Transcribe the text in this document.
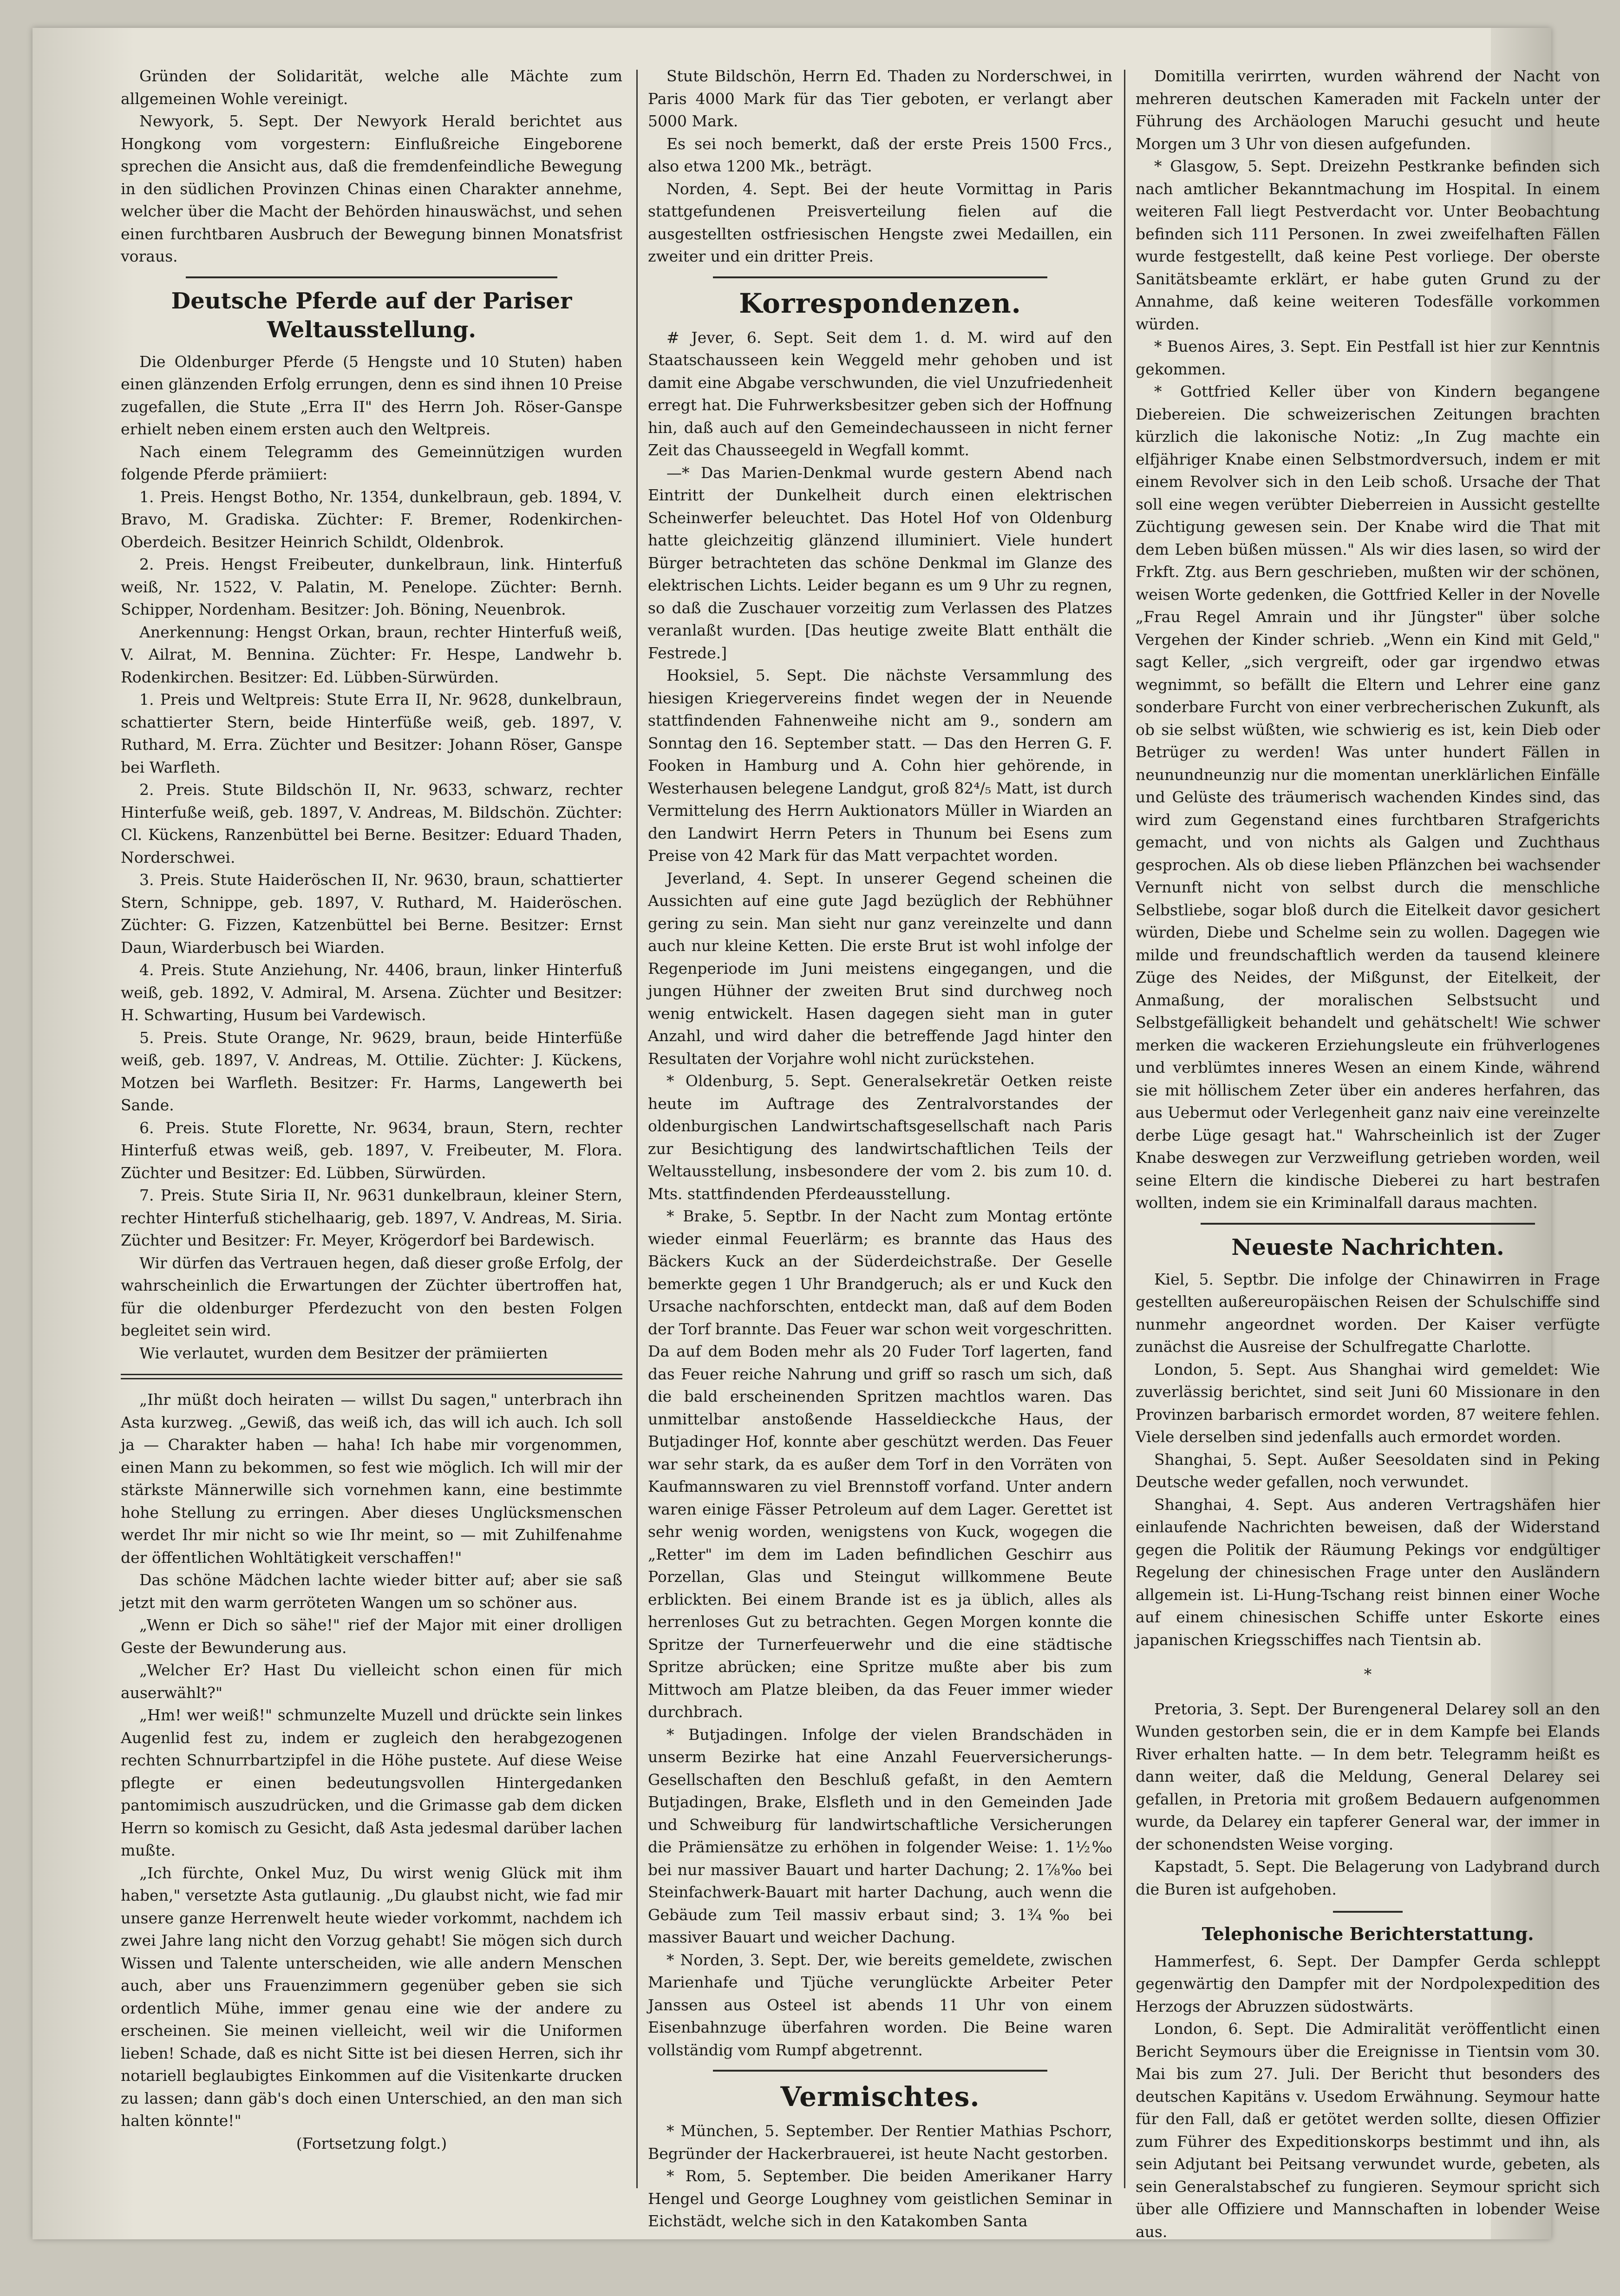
Gründen der Solidarität, welche alle Mächte zum allgemeinen Wohle vereinigt.

Newyork, 5. Sept. Der Newyork Herald berichtet aus Hongkong vom vorgestern: Einflußreiche Eingeborene sprechen die Ansicht aus, daß die fremdenfeindliche Bewegung in den südlichen Provinzen Chinas einen Charakter annehme, welcher über die Macht der Behörden hinauswächst, und sehen einen furchtbaren Ausbruch der Bewegung binnen Monatsfrist voraus.

Deutsche Pferde auf der Pariser Weltausstellung.

Die Oldenburger Pferde (5 Hengste und 10 Stuten) haben einen glänzenden Erfolg errungen, denn es sind ihnen 10 Preise zugefallen, die Stute „Erra II" des Herrn Joh. Röser-Ganspe erhielt neben einem ersten auch den Weltpreis.

Nach einem Telegramm des Gemeinnützigen wurden folgende Pferde prämiiert:

1. Preis. Hengst Botho, Nr. 1354, dunkelbraun, geb. 1894, V. Bravo, M. Gradiska. Züchter: F. Bremer, Rodenkirchen-Oberdeich. Besitzer Heinrich Schildt, Oldenbrok.

2. Preis. Hengst Freibeuter, dunkelbraun, link. Hinterfuß weiß, Nr. 1522, V. Palatin, M. Penelope. Züchter: Bernh. Schipper, Nordenham. Besitzer: Joh. Böning, Neuenbrok.

Anerkennung: Hengst Orkan, braun, rechter Hinterfuß weiß, V. Ailrat, M. Bennina. Züchter: Fr. Hespe, Landwehr b. Rodenkirchen. Besitzer: Ed. Lübben-Sürwürden.

1. Preis und Weltpreis: Stute Erra II, Nr. 9628, dunkelbraun, schattierter Stern, beide Hinterfüße weiß, geb. 1897, V. Ruthard, M. Erra. Züchter und Besitzer: Johann Röser, Ganspe bei Warfleth.

2. Preis. Stute Bildschön II, Nr. 9633, schwarz, rechter Hinterfuße weiß, geb. 1897, V. Andreas, M. Bildschön. Züchter: Cl. Kückens, Ranzenbüttel bei Berne. Besitzer: Eduard Thaden, Norderschwei.

3. Preis. Stute Haideröschen II, Nr. 9630, braun, schattierter Stern, Schnippe, geb. 1897, V. Ruthard, M. Haideröschen. Züchter: G. Fizzen, Katzenbüttel bei Berne. Besitzer: Ernst Daun, Wiarderbusch bei Wiarden.

4. Preis. Stute Anziehung, Nr. 4406, braun, linker Hinterfuß weiß, geb. 1892, V. Admiral, M. Arsena. Züchter und Besitzer: H. Schwarting, Husum bei Vardewisch.

5. Preis. Stute Orange, Nr. 9629, braun, beide Hinterfüße weiß, geb. 1897, V. Andreas, M. Ottilie. Züchter: J. Kückens, Motzen bei Warfleth. Besitzer: Fr. Harms, Langewerth bei Sande.

6. Preis. Stute Florette, Nr. 9634, braun, Stern, rechter Hinterfuß etwas weiß, geb. 1897, V. Freibeuter, M. Flora. Züchter und Besitzer: Ed. Lübben, Sürwürden.

7. Preis. Stute Siria II, Nr. 9631 dunkelbraun, kleiner Stern, rechter Hinterfuß stichelhaarig, geb. 1897, V. Andreas, M. Siria. Züchter und Besitzer: Fr. Meyer, Krögerdorf bei Bardewisch.

Wir dürfen das Vertrauen hegen, daß dieser große Erfolg, der wahrscheinlich die Erwartungen der Züchter übertroffen hat, für die oldenburger Pferdezucht von den besten Folgen begleitet sein wird.

Wie verlautet, wurden dem Besitzer der prämiierten

„Ihr müßt doch heiraten — willst Du sagen," unterbrach ihn Asta kurzweg. „Gewiß, das weiß ich, das will ich auch. Ich soll ja — Charakter haben — haha! Ich habe mir vorgenommen, einen Mann zu bekommen, so fest wie möglich. Ich will mir der stärkste Männerwille sich vornehmen kann, eine bestimmte hohe Stellung zu erringen. Aber dieses Unglücksmenschen werdet Ihr mir nicht so wie Ihr meint, so — mit Zuhilfenahme der öffentlichen Wohltätigkeit verschaffen!"

Das schöne Mädchen lachte wieder bitter auf; aber sie saß jetzt mit den warm gerröteten Wangen um so schöner aus.

„Wenn er Dich so sähe!" rief der Major mit einer drolligen Geste der Bewunderung aus.

„Welcher Er? Hast Du vielleicht schon einen für mich auserwählt?"

„Hm! wer weiß!" schmunzelte Muzell und drückte sein linkes Augenlid fest zu, indem er zugleich den herabgezogenen rechten Schnurrbartzipfel in die Höhe pustete. Auf diese Weise pflegte er einen bedeutungsvollen Hintergedanken pantomimisch auszudrücken, und die Grimasse gab dem dicken Herrn so komisch zu Gesicht, daß Asta jedesmal darüber lachen mußte.

„Ich fürchte, Onkel Muz, Du wirst wenig Glück mit ihm haben," versetzte Asta gutlaunig. „Du glaubst nicht, wie fad mir unsere ganze Herrenwelt heute wieder vorkommt, nachdem ich zwei Jahre lang nicht den Vorzug gehabt! Sie mögen sich durch Wissen und Talente unterscheiden, wie alle andern Menschen auch, aber uns Frauenzimmern gegenüber geben sie sich ordentlich Mühe, immer genau eine wie der andere zu erscheinen. Sie meinen vielleicht, weil wir die Uniformen lieben! Schade, daß es nicht Sitte ist bei diesen Herren, sich ihr notariell beglaubigtes Einkommen auf die Visitenkarte drucken zu lassen; dann gäb's doch einen Unterschied, an den man sich halten könnte!"

(Fortsetzung folgt.)

Stute Bildschön, Herrn Ed. Thaden zu Norderschwei, in Paris 4000 Mark für das Tier geboten, er verlangt aber 5000 Mark.

Es sei noch bemerkt, daß der erste Preis 1500 Frcs., also etwa 1200 Mk., beträgt.

Norden, 4. Sept. Bei der heute Vormittag in Paris stattgefundenen Preisverteilung fielen auf die ausgestellten ostfriesischen Hengste zwei Medaillen, ein zweiter und ein dritter Preis.

Korrespondenzen.

# Jever, 6. Sept. Seit dem 1. d. M. wird auf den Staatschausseen kein Weggeld mehr gehoben und ist damit eine Abgabe verschwunden, die viel Unzufriedenheit erregt hat. Die Fuhrwerksbesitzer geben sich der Hoffnung hin, daß auch auf den Gemeindechausseen in nicht ferner Zeit das Chausseegeld in Wegfall kommt.

—* Das Marien-Denkmal wurde gestern Abend nach Eintritt der Dunkelheit durch einen elektrischen Scheinwerfer beleuchtet. Das Hotel Hof von Oldenburg hatte gleichzeitig glänzend illuminiert. Viele hundert Bürger betrachteten das schöne Denkmal im Glanze des elektrischen Lichts. Leider begann es um 9 Uhr zu regnen, so daß die Zuschauer vorzeitig zum Verlassen des Platzes veranlaßt wurden. [Das heutige zweite Blatt enthält die Festrede.]

Hooksiel, 5. Sept. Die nächste Versammlung des hiesigen Kriegervereins findet wegen der in Neuende stattfindenden Fahnenweihe nicht am 9., sondern am Sonntag den 16. September statt. — Das den Herren G. F. Fooken in Hamburg und A. Cohn hier gehörende, in Westerhausen belegene Landgut, groß 82⁴/₅ Matt, ist durch Vermittelung des Herrn Auktionators Müller in Wiarden an den Landwirt Herrn Peters in Thunum bei Esens zum Preise von 42 Mark für das Matt verpachtet worden.

Jeverland, 4. Sept. In unserer Gegend scheinen die Aussichten auf eine gute Jagd bezüglich der Rebhühner gering zu sein. Man sieht nur ganz vereinzelte und dann auch nur kleine Ketten. Die erste Brut ist wohl infolge der Regenperiode im Juni meistens eingegangen, und die jungen Hühner der zweiten Brut sind durchweg noch wenig entwickelt. Hasen dagegen sieht man in guter Anzahl, und wird daher die betreffende Jagd hinter den Resultaten der Vorjahre wohl nicht zurückstehen.

* Oldenburg, 5. Sept. Generalsekretär Oetken reiste heute im Auftrage des Zentralvorstandes der oldenburgischen Landwirtschaftsgesellschaft nach Paris zur Besichtigung des landwirtschaftlichen Teils der Weltausstellung, insbesondere der vom 2. bis zum 10. d. Mts. stattfindenden Pferdeausstellung.

* Brake, 5. Septbr. In der Nacht zum Montag ertönte wieder einmal Feuerlärm; es brannte das Haus des Bäckers Kuck an der Süderdeichstraße. Der Geselle bemerkte gegen 1 Uhr Brandgeruch; als er und Kuck den Ursache nachforschten, entdeckt man, daß auf dem Boden der Torf brannte. Das Feuer war schon weit vorgeschritten. Da auf dem Boden mehr als 20 Fuder Torf lagerten, fand das Feuer reiche Nahrung und griff so rasch um sich, daß die bald erscheinenden Spritzen machtlos waren. Das unmittelbar anstoßende Hasseldieckche Haus, der Butjadinger Hof, konnte aber geschützt werden. Das Feuer war sehr stark, da es außer dem Torf in den Vorräten von Kaufmannswaren zu viel Brennstoff vorfand. Unter andern waren einige Fässer Petroleum auf dem Lager. Gerettet ist sehr wenig worden, wenigstens von Kuck, wogegen die „Retter" im dem im Laden befindlichen Geschirr aus Porzellan, Glas und Steingut willkommene Beute erblickten. Bei einem Brande ist es ja üblich, alles als herrenloses Gut zu betrachten. Gegen Morgen konnte die Spritze der Turnerfeuerwehr und die eine städtische Spritze abrücken; eine Spritze mußte aber bis zum Mittwoch am Platze bleiben, da das Feuer immer wieder durchbrach.

* Butjadingen. Infolge der vielen Brandschäden in unserm Bezirke hat eine Anzahl Feuerversicherungs-Gesellschaften den Beschluß gefaßt, in den Aemtern Butjadingen, Brake, Elsfleth und in den Gemeinden Jade und Schweiburg für landwirtschaftliche Versicherungen die Prämiensätze zu erhöhen in folgender Weise: 1. 1½‰ bei nur massiver Bauart und harter Dachung; 2. 1⅞‰ bei Steinfachwerk-Bauart mit harter Dachung, auch wenn die Gebäude zum Teil massiv erbaut sind; 3. 1¾‰ bei massiver Bauart und weicher Dachung.

* Norden, 3. Sept. Der, wie bereits gemeldete, zwischen Marienhafe und Tjüche verunglückte Arbeiter Peter Janssen aus Osteel ist abends 11 Uhr von einem Eisenbahnzuge überfahren worden. Die Beine waren vollständig vom Rumpf abgetrennt.

Vermischtes.

* München, 5. September. Der Rentier Mathias Pschorr, Begründer der Hackerbrauerei, ist heute Nacht gestorben.

* Rom, 5. September. Die beiden Amerikaner Harry Hengel und George Loughney vom geistlichen Seminar in Eichstädt, welche sich in den Katakomben Santa

Domitilla verirrten, wurden während der Nacht von mehreren deutschen Kameraden mit Fackeln unter der Führung des Archäologen Maruchi gesucht und heute Morgen um 3 Uhr von diesen aufgefunden.

* Glasgow, 5. Sept. Dreizehn Pestkranke befinden sich nach amtlicher Bekanntmachung im Hospital. In einem weiteren Fall liegt Pestverdacht vor. Unter Beobachtung befinden sich 111 Personen. In zwei zweifelhaften Fällen wurde festgestellt, daß keine Pest vorliege. Der oberste Sanitätsbeamte erklärt, er habe guten Grund zu der Annahme, daß keine weiteren Todesfälle vorkommen würden.

* Buenos Aires, 3. Sept. Ein Pestfall ist hier zur Kenntnis gekommen.

* Gottfried Keller über von Kindern begangene Diebereien. Die schweizerischen Zeitungen brachten kürzlich die lakonische Notiz: „In Zug machte ein elfjähriger Knabe einen Selbstmordversuch, indem er mit einem Revolver sich in den Leib schoß. Ursache der That soll eine wegen verübter Dieberreien in Aussicht gestellte Züchtigung gewesen sein. Der Knabe wird die That mit dem Leben büßen müssen." Als wir dies lasen, so wird der Frkft. Ztg. aus Bern geschrieben, mußten wir der schönen, weisen Worte gedenken, die Gottfried Keller in der Novelle „Frau Regel Amrain und ihr Jüngster" über solche Vergehen der Kinder schrieb. „Wenn ein Kind mit Geld," sagt Keller, „sich vergreift, oder gar irgendwo etwas wegnimmt, so befällt die Eltern und Lehrer eine ganz sonderbare Furcht von einer verbrecherischen Zukunft, als ob sie selbst wüßten, wie schwierig es ist, kein Dieb oder Betrüger zu werden! Was unter hundert Fällen in neunundneunzig nur die momentan unerklärlichen Einfälle und Gelüste des träumerisch wachenden Kindes sind, das wird zum Gegenstand eines furchtbaren Strafgerichts gemacht, und von nichts als Galgen und Zuchthaus gesprochen. Als ob diese lieben Pflänzchen bei wachsender Vernunft nicht von selbst durch die menschliche Selbstliebe, sogar bloß durch die Eitelkeit davor gesichert würden, Diebe und Schelme sein zu wollen. Dagegen wie milde und freundschaftlich werden da tausend kleinere Züge des Neides, der Mißgunst, der Eitelkeit, der Anmaßung, der moralischen Selbstsucht und Selbstgefälligkeit behandelt und gehätschelt! Wie schwer merken die wackeren Erziehungsleute ein frühverlogenes und verblümtes inneres Wesen an einem Kinde, während sie mit höllischem Zeter über ein anderes herfahren, das aus Uebermut oder Verlegenheit ganz naiv eine vereinzelte derbe Lüge gesagt hat." Wahrscheinlich ist der Zuger Knabe deswegen zur Verzweiflung getrieben worden, weil seine Eltern die kindische Dieberei zu hart bestrafen wollten, indem sie ein Kriminalfall daraus machten.

Neueste Nachrichten.

Kiel, 5. Septbr. Die infolge der Chinawirren in Frage gestellten außereuropäischen Reisen der Schulschiffe sind nunmehr angeordnet worden. Der Kaiser verfügte zunächst die Ausreise der Schulfregatte Charlotte.

London, 5. Sept. Aus Shanghai wird gemeldet: Wie zuverlässig berichtet, sind seit Juni 60 Missionare in den Provinzen barbarisch ermordet worden, 87 weitere fehlen. Viele derselben sind jedenfalls auch ermordet worden.

Shanghai, 5. Sept. Außer Seesoldaten sind in Peking Deutsche weder gefallen, noch verwundet.

Shanghai, 4. Sept. Aus anderen Vertragshäfen hier einlaufende Nachrichten beweisen, daß der Widerstand gegen die Politik der Räumung Pekings vor endgültiger Regelung der chinesischen Frage unter den Ausländern allgemein ist. Li-Hung-Tschang reist binnen einer Woche auf einem chinesischen Schiffe unter Eskorte eines japanischen Kriegsschiffes nach Tientsin ab.

*

Pretoria, 3. Sept. Der Burengeneral Delarey soll an den Wunden gestorben sein, die er in dem Kampfe bei Elands River erhalten hatte. — In dem betr. Telegramm heißt es dann weiter, daß die Meldung, General Delarey sei gefallen, in Pretoria mit großem Bedauern aufgenommen wurde, da Delarey ein tapferer General war, der immer in der schonendsten Weise vorging.

Kapstadt, 5. Sept. Die Belagerung von Ladybrand durch die Buren ist aufgehoben.

Telephonische Berichterstattung.

Hammerfest, 6. Sept. Der Dampfer Gerda schleppt gegenwärtig den Dampfer mit der Nordpolexpedition des Herzogs der Abruzzen südostwärts.

London, 6. Sept. Die Admiralität veröffentlicht einen Bericht Seymours über die Ereignisse in Tientsin vom 30. Mai bis zum 27. Juli. Der Bericht thut besonders des deutschen Kapitäns v. Usedom Erwähnung. Seymour hatte für den Fall, daß er getötet werden sollte, diesen Offizier zum Führer des Expeditionskorps bestimmt und ihn, als sein Adjutant bei Peitsang verwundet wurde, gebeten, als sein Generalstabschef zu fungieren. Seymour spricht sich über alle Offiziere und Mannschaften in lobender Weise aus.
